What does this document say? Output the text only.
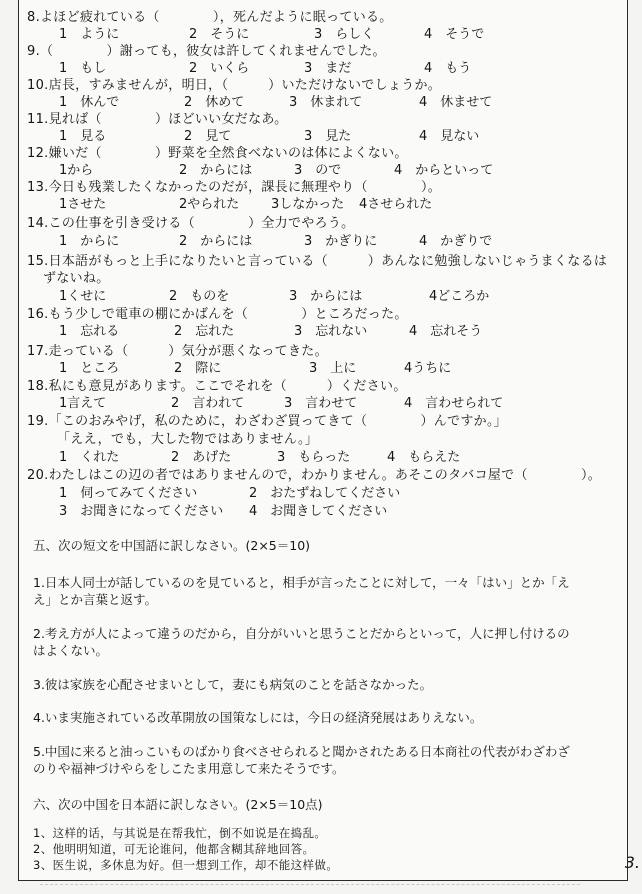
8.よほど疲れている（　　　　），死んだように眠っている。
1　ように	2　そうに	3　らしく	4　そうで
9.（　　　　）謝っても，彼女は許してくれませんでした。
1　もし	2　いくら	3　まだ	4　もう
10.店長，すみませんが，明日，（　　　）いただけないでしょうか。
1　休んで	2　休めて	3　休まれて	4　休ませて
11.見れば（　　　　）ほどいい女だなあ。
1　見る	2　見て	3　見た	4　見ない
12.嫌いだ（　　　　）野菜を全然食べないのは体によくない。
1から	2　からには	3　ので	4　からといって
13.今日も残業したくなかったのだが，課長に無理やり（　　　　）。
1させた	2やられた 3しなかった 4させられた
14.この仕事を引き受ける（　　　　）全力でやろう。
1　からに	2　からには	3　かぎりに	4　かぎりで
15.日本語がもっと上手になりたいと言っている（　　　）あんなに勉強しないじゃうまくなるは
ずないね。
1くせに	2　ものを	3　からには	4どころか
16.もう少しで電車の棚にかばんを（　　　　）ところだった。
1　忘れる	2　忘れた	3　忘れない	4　忘れそう
17.走っている（　　　）気分が悪くなってきた。
1　ところ	2　際に	3　上に	4うちに
18.私にも意見があります。ここでそれを（　　　）ください。
1言えて	2　言われて	3　言わせて	4　言わせられて
19.「このおみやげ，私のために，わざわざ買ってきて（　　　　）んですか。」
「ええ，でも，大した物ではありません。」
1　くれた	2　あげた	3　もらった	4　もらえた
20.わたしはこの辺の者ではありませんので，わかりません。あそこのタバコ屋で（　　　　）。
1　伺ってみてください	2　おたずねしてください
3　お聞きになってください 4　お聞きしてください
五、次の短文を中国語に訳しなさい。(2×5＝10)
1.日本人同士が話しているのを見ていると，相手が言ったことに対して，一々「はい」とか「え
え」とか言葉と返す。
2.考え方が人によって違うのだから，自分がいいと思うことだからといって，人に押し付けるの
はよくない。
3.彼は家族を心配させまいとして，妻にも病気のことを話さなかった。
4.いま実施されている改革開放の国策なしには，今日の経済発展はありえない。
5.中国に来ると油っこいものばかり食べさせられると聞かされたある日本商社の代表がわざわざ
のりや福神づけやらをしこたま用意して来たそうです。
六、次の中国を日本語に訳しなさい。(2×5＝10点)
1、这样的话，与其说是在帮我忙，倒不如说是在捣乱。
2、他明明知道，可无论谁问，他都含糊其辞地回答。
3、医生说，多休息为好。但一想到工作，却不能这样做。	3.
